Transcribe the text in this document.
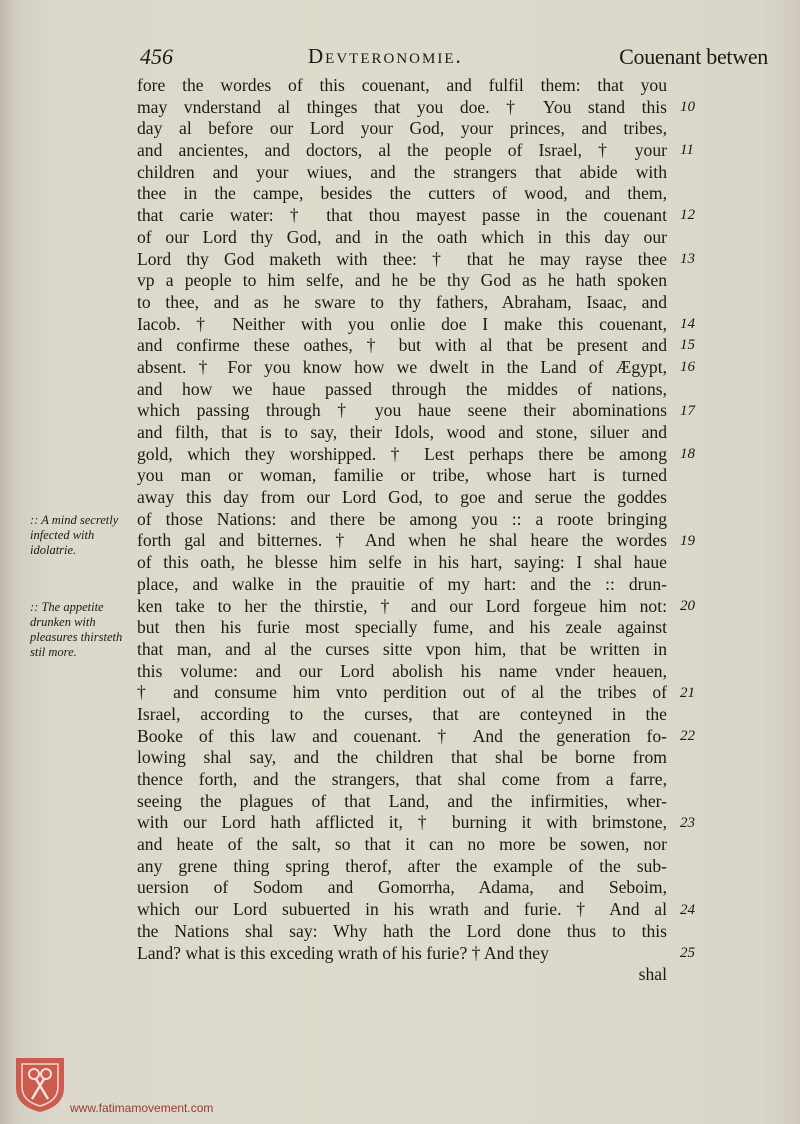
456	Devteronomie.	Couenant betwen
fore the wordes of this couenant, and fulfil them: that you
may vnderstand al thinges that you doe. † You stand this
day al before our Lord your God, your princes, and tribes,
and ancientes, and doctors, al the people of Israel, † your
children and your wiues, and the strangers that abide with
thee in the campe, besides the cutters of wood, and them,
that carie water: † that thou mayest passe in the couenant
of our Lord thy God, and in the oath which in this day our
Lord thy God maketh with thee: † that he may rayse thee
vp a people to him selfe, and he be thy God as he hath spoken
to thee, and as he sware to thy fathers, Abraham, Isaac, and
Iacob. † Neither with you onlie doe I make this couenant,
and confirme these oathes, † but with al that be present and
absent. † For you know how we dwelt in the Land of Ægypt,
and how we haue passed through the middes of nations,
which passing through † you haue seene their abominations
and filth, that is to say, their Idols, wood and stone, siluer and
gold, which they worshipped. † Lest perhaps there be among
you man or woman, familie or tribe, whose hart is turned
away this day from our Lord God, to goe and serue the goddes
of those Nations: and there be among you :: a roote bringing
forth gal and bitternes. † And when he shal heare the wordes
of this oath, he blesse him selfe in his hart, saying: I shal haue
place, and walke in the prauitie of my hart: and the :: drun-
ken take to her the thirstie, † and our Lord forgeue him not:
but then his furie most specially fume, and his zeale against
that man, and al the curses sitte vpon him, that be written in
this volume: and our Lord abolish his name vnder heauen,
† and consume him vnto perdition out of al the tribes of
Israel, according to the curses, that are conteyned in the
Booke of this law and couenant. † And the generation fo-
lowing shal say, and the children that shal be borne from
thence forth, and the strangers, that shal come from a farre,
seeing the plagues of that Land, and the infirmities, wher-
with our Lord hath afflicted it, † burning it with brimstone,
and heate of the salt, so that it can no more be sowen, nor
any grene thing spring therof, after the example of the sub-
uersion of Sodom and Gomorrha, Adama, and Seboim,
which our Lord subuerted in his wrath and furie. † And al
the Nations shal say: Why hath the Lord done thus to this
Land? what is this exceding wrath of his furie? † And they
shal
10
11
12
13
14
15
16
17
18
19
20
21
22
23
24
25
:: A mind secretly infected with idolatrie.
:: The appetite drunken with pleasures thirsteth stil more.
www.fatimamovement.com
